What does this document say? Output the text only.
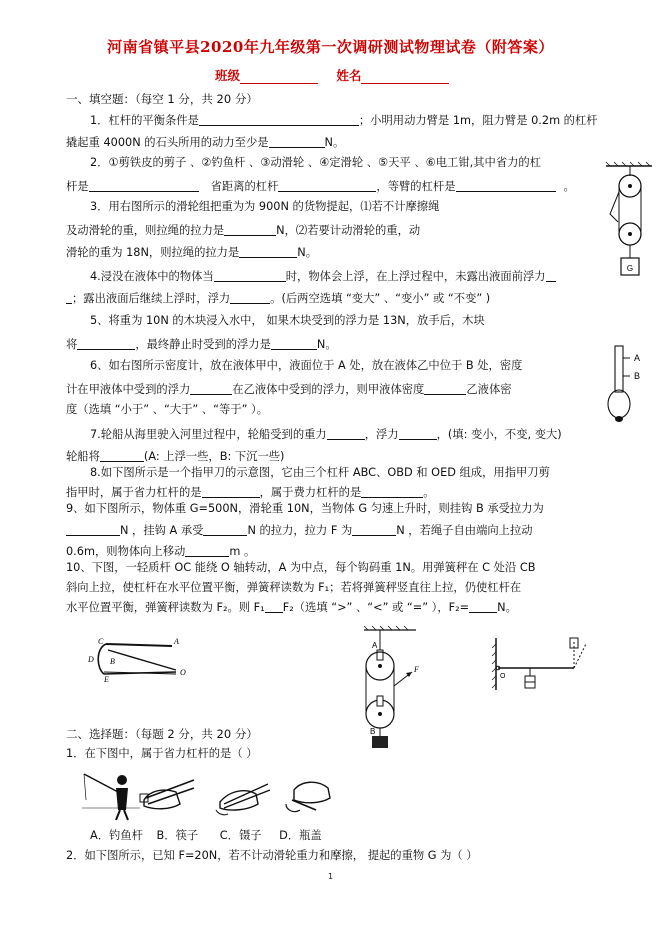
河南省镇平县2020年九年级第一次调研测试物理试卷（附答案）
班级	姓名
一、填空题：（每空 1 分，共 20 分）
1．杠杆的平衡条件是	；小明用动力臂是 1m，阻力臂是 0.2m 的杠杆
撬起重 4000N 的石头所用的动力至少是	N。
2．①剪铁皮的剪子 、②钓鱼杆 、③动滑轮 、④定滑轮 、⑤天平 、⑥电工钳,其中省力的杠
杆是	省距离的杠杆	，等臂的杠杆是	。
3．用右图所示的滑轮组把重为为 900N 的货物提起，⑴若不计摩擦绳
及动滑轮的重，则拉绳的拉力是	N，⑵若要计动滑轮的重，动
滑轮的重为 18N，则拉绳的拉力是	N。
4.浸没在液体中的物体当	时，物体会上浮，在上浮过程中，未露出液面前浮力
；露出液面后继续上浮时，浮力	。(后两空选填 “变大” 、“变小” 或 “不变” )
5、将重为 10N 的木块浸入水中， 如果木块受到的浮力是 13N，放手后，木块
将	，最终静止时受到的浮力是	N。
6、如右图所示密度计，放在液体甲中，液面位于 A 处，放在液体乙中位于 B 处，密度
计在甲液体中受到的浮力	在乙液体中受到的浮力，则甲液体密度	乙液体密
度（选填 “小于” 、“大于” 、“等于” ）。
7.轮船从海里驶入河里过程中，轮船受到的重力	，浮力	，(填: 变小，不变, 变大)
轮船将	(A: 上浮一些，B: 下沉一些)
8.如下图所示是一个指甲刀的示意图，它由三个杠杆 ABC、OBD 和 OED 组成，用指甲刀剪
指甲时，属于省力杠杆的是	，属于费力杠杆的是	。
9、如下图所示，物体重 G=500N，滑轮重 10N，当物体 G 匀速上升时，则挂钩 B 承受拉力为
N ，挂钩 A 承受	N 的拉力，拉力 F 为	N ，若绳子自由端向上拉动
0.6m，则物体向上移动	m 。
10、下图，一轻质杆 OC 能绕 O 轴转动，A 为中点，每个钩码重 1N。用弹簧秤在 C 处沿 CB
斜向上拉，使杠杆在水平位置平衡，弹簧秤读数为 F₁；若将弹簧秤竖直往上拉，仍使杠杆在
水平位置平衡，弹簧秤读数为 F₂。则 F₁ F₂（选填 “>” 、“<” 或 “=” ），F₂= N。
G
A
B
C	A
D B
O
E
A
F
B
O
二、选择题：（每题 2 分，共 20 分）
1．在下图中，属于省力杠杆的是（ ）
A．钓鱼杆 B．筷子 C．镊子 D．瓶盖
2．如下图所示，已知 F=20N，若不计动滑轮重力和摩擦， 提起的重物 G 为（ ）
1
